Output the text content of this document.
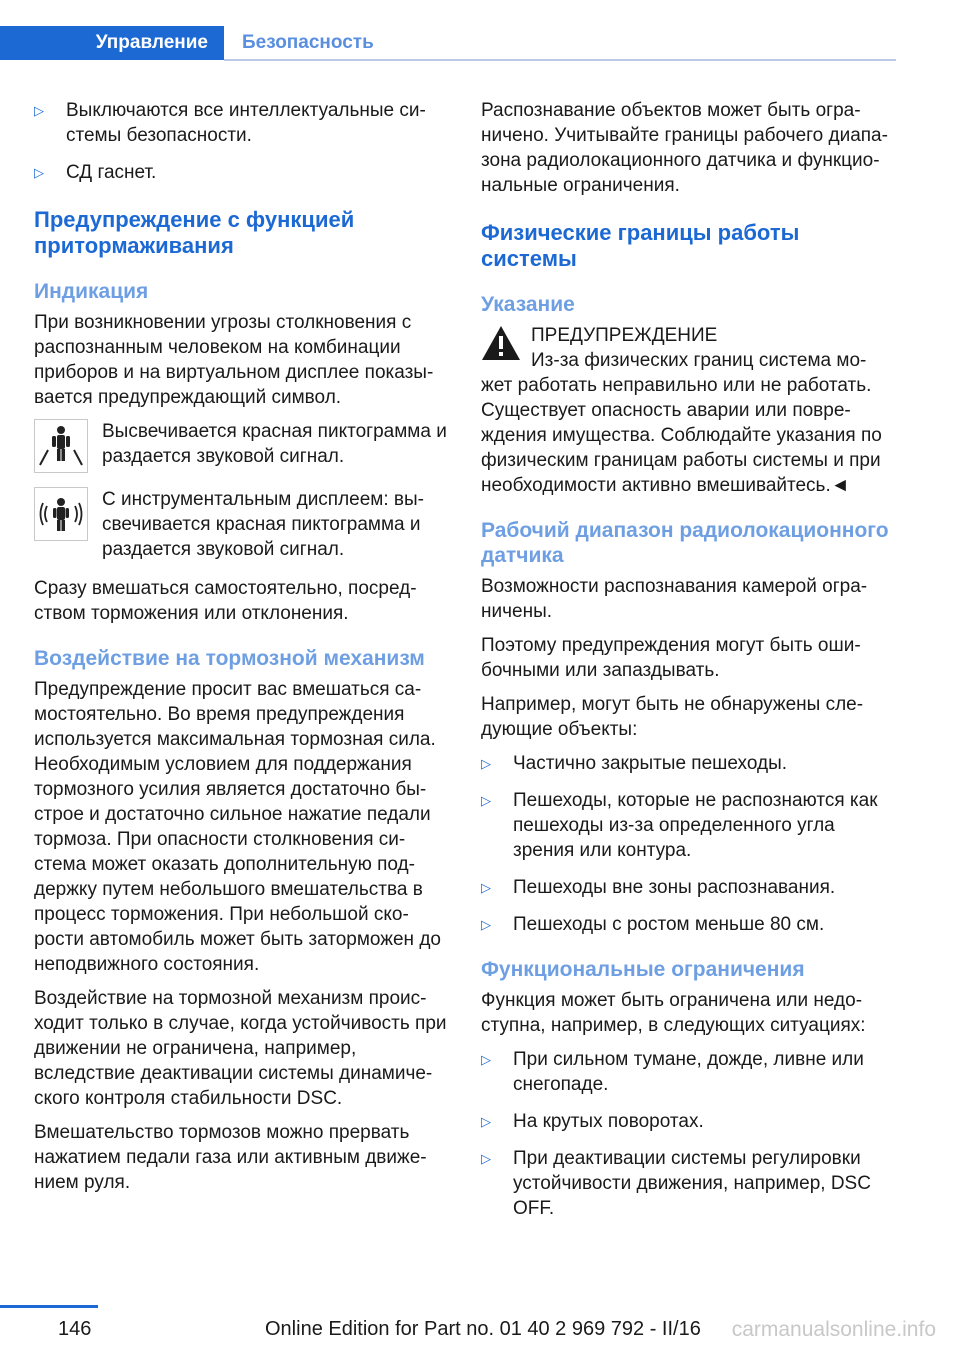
Управление Безопасность
▷ Выключаются все интеллектуальные си-стемы безопасности.
▷ СД гаснет.
Предупреждение с функцией притормаживания
Индикация

При возникновении угрозы столкновения с распознанным человеком на комбинации приборов и на виртуальном дисплее показы-вается предупреждающий символ.

Высвечивается красная пиктограмма и раздается звуковой сигнал.
С инструментальным дисплеем: вы-свечивается красная пиктограмма и раздается звуковой сигнал.

Сразу вмешаться самостоятельно, посред-ством торможения или отклонения.

Воздействие на тормозной механизм

Предупреждение просит вас вмешаться са-мостоятельно. Во время предупреждения используется максимальная тормозная сила. Необходимым условием для поддержания тормозного усилия является достаточно бы-строе и достаточно сильное нажатие педали тормоза. При опасности столкновения си-стема может оказать дополнительную под-держку путем небольшого вмешательства в процесс торможения. При небольшой ско-рости автомобиль может быть заторможен до неподвижного состояния.

Воздействие на тормозной механизм проис-ходит только в случае, когда устойчивость при движении не ограничена, например, вследствие деактивации системы динамиче-ского контроля стабильности DSC.

Вмешательство тормозов можно прервать нажатием педали газа или активным движе-нием руля.

Распознавание объектов может быть огра-ничено. Учитывайте границы рабочего диапа-зона радиолокационного датчика и функцио-нальные ограничения.

Физические границы работы системы
Указание
ПРЕДУПРЕЖДЕНИЕ
Из-за физических границ система мо-
жет работать неправильно или не работать. Существует опасность аварии или повре-ждения имущества. Соблюдайте указания по физическим границам работы системы и при необходимости активно вмешивайтесь.◄
Рабочий диапазон радиолокационного датчика

Возможности распознавания камерой огра-ничены.

Поэтому предупреждения могут быть оши-бочными или запаздывать.

Например, могут быть не обнаружены сле-дующие объекты:

▷ Частично закрытые пешеходы.
▷ Пешеходы, которые не распознаются как пешеходы из-за определенного угла зрения или контура.
▷ Пешеходы вне зоны распознавания.
▷ Пешеходы с ростом меньше 80 см.
Функциональные ограничения

Функция может быть ограничена или недо-ступна, например, в следующих ситуациях:

▷ При сильном тумане, дожде, ливне или снегопаде.
▷ На крутых поворотах.
▷ При деактивации системы регулировки устойчивости движения, например, DSC OFF.
146	Online Edition for Part no. 01 40 2 969 792 - II/16 carmanualsonline.info
